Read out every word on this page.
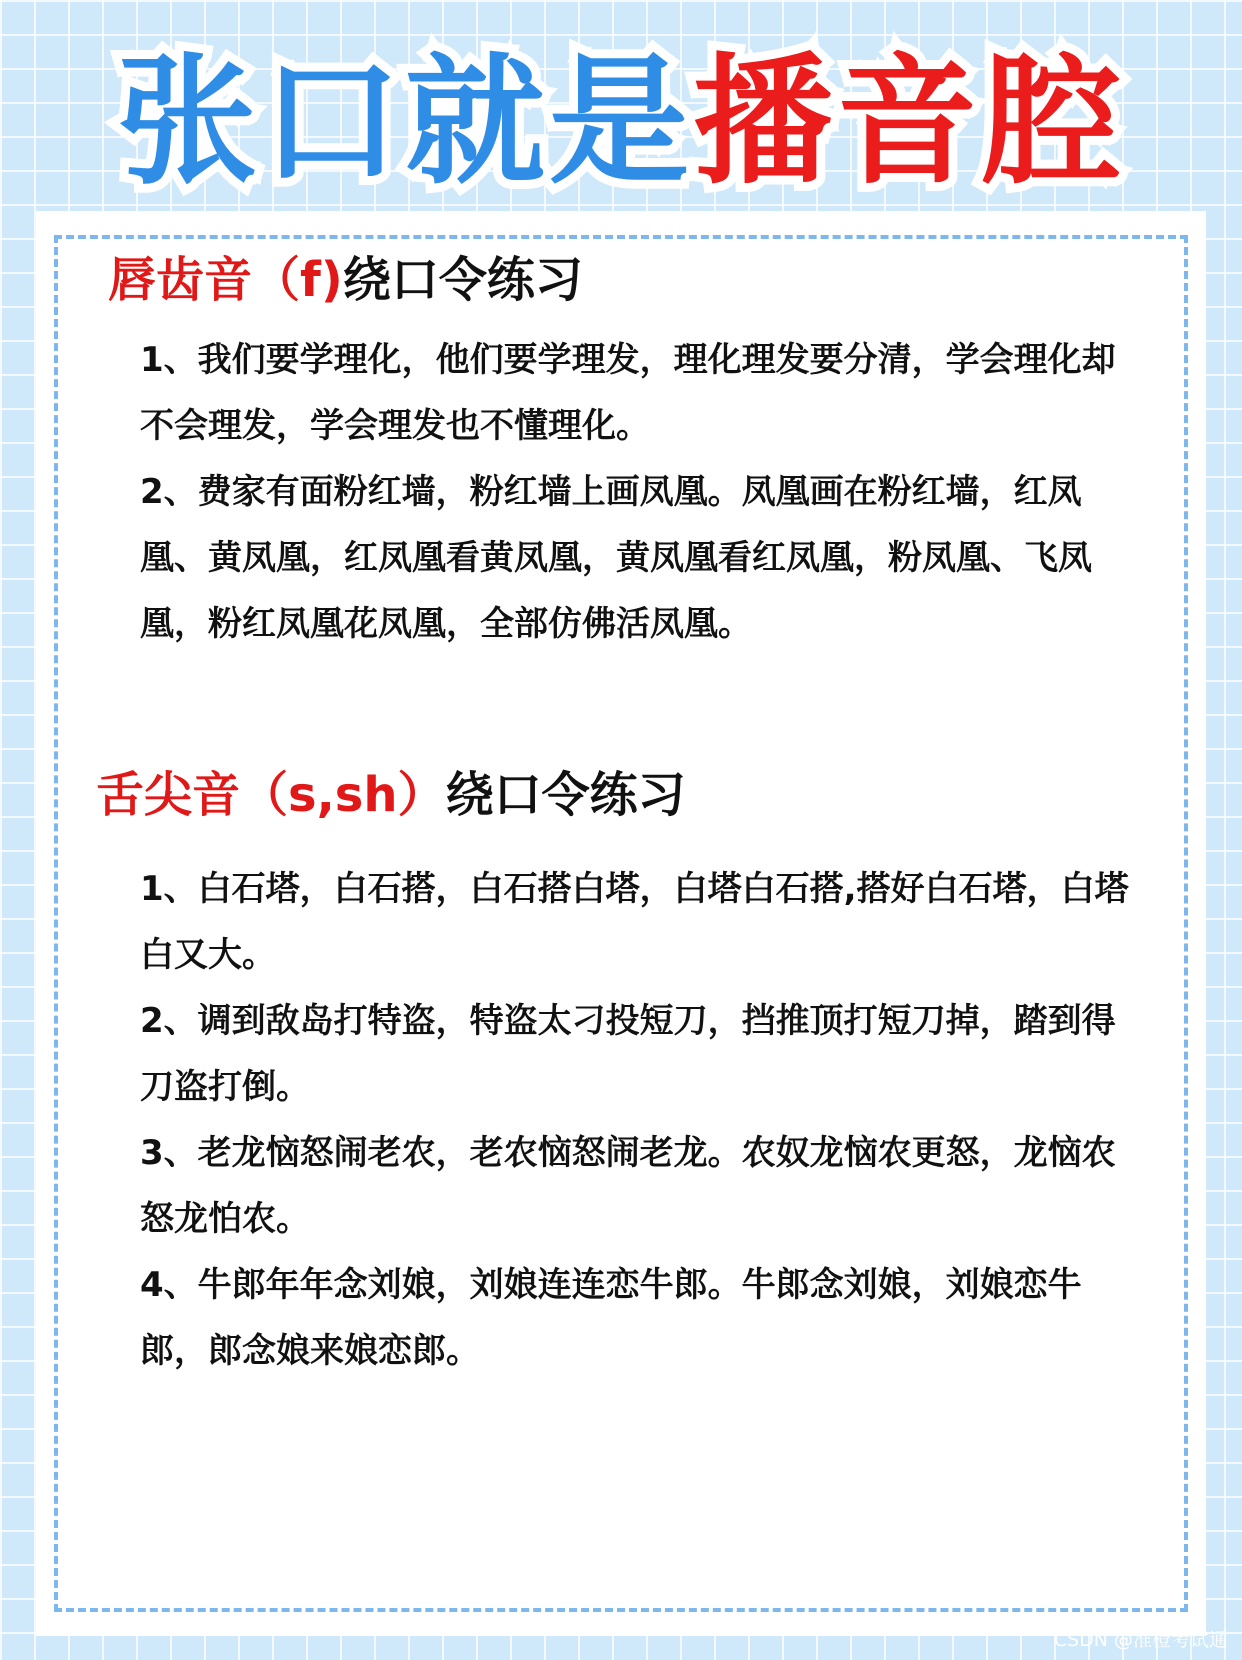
张口就是播音腔
唇齿音（f)绕口令练习

1、我们要学理化，他们要学理发，理化理发要分清，学会理化却不会理发，学会理发也不懂理化。

2、费家有面粉红墙，粉红墙上画凤凰。凤凰画在粉红墙，红凤凰、黄凤凰，红凤凰看黄凤凰，黄凤凰看红凤凰，粉凤凰、飞凤凰，粉红凤凰花凤凰，全部仿佛活凤凰。

舌尖音（s,sh）绕口令练习

1、白石塔，白石搭，白石搭白塔，白塔白石搭,搭好白石塔，白塔白又大。

2、调到敌岛打特盗，特盗太刁投短刀，挡推顶打短刀掉，踏到得刀盗打倒。

3、老龙恼怒闹老农，老农恼怒闹老龙。农奴龙恼农更怒，龙恼农怒龙怕农。

4、牛郎年年念刘娘，刘娘连连恋牛郎。牛郎念刘娘，刘娘恋牛郎，郎念娘来娘恋郎。

CSDN @准橙考试通
